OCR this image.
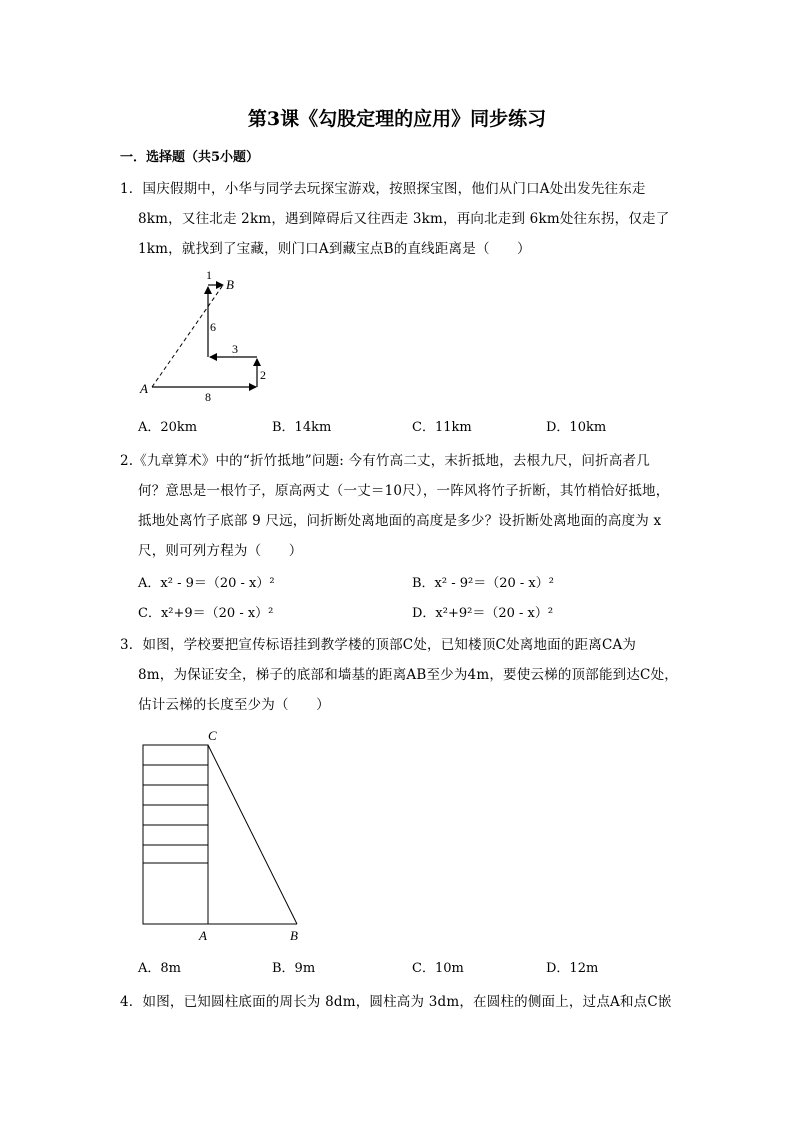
第3课《勾股定理的应用》同步练习
一．选择题（共5小题）
1．国庆假期中，小华与同学去玩探宝游戏，按照探宝图，他们从门口A处出发先往东走
8km，又往北走 2km，遇到障碍后又往西走 3km，再向北走到 6km处往东拐，仅走了
1km，就找到了宝藏，则门口A到藏宝点B的直线距离是（　　）
A
B
1
6
3
2
8
A．20km	B．14km	C．11km	D．10km
2.《九章算术》中的“折竹抵地”问题: 今有竹高二丈，末折抵地，去根九尺，问折高者几
何？意思是一根竹子，原高两丈（一丈＝10尺），一阵风将竹子折断，其竹梢恰好抵地，
抵地处离竹子底部 9 尺远，问折断处离地面的高度是多少？设折断处离地面的高度为 x
尺，则可列方程为（　　）
A．x² - 9＝（20 - x）²	B．x² - 9²＝（20 - x）²
C．x²+9＝（20 - x）²	D．x²+9²＝（20 - x）²
3．如图，学校要把宣传标语挂到教学楼的顶部C处，已知楼顶C处离地面的距离CA为
8m，为保证安全，梯子的底部和墙基的距离AB至少为4m，要使云梯的顶部能到达C处，
估计云梯的长度至少为（　　）
C
A	B
A．8m	B．9m	C．10m	D．12m
4．如图，已知圆柱底面的周长为 8dm，圆柱高为 3dm，在圆柱的侧面上，过点A和点C嵌
